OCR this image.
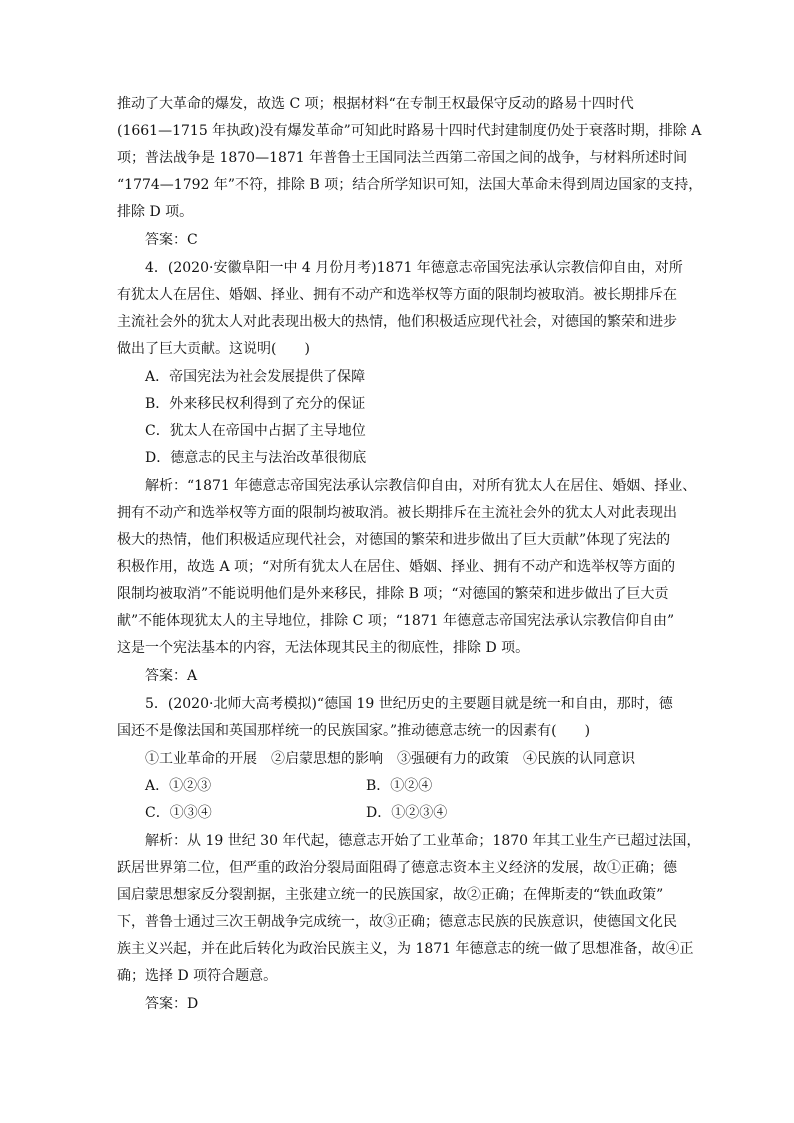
推动了大革命的爆发，故选 C 项；根据材料“在专制王权最保守反动的路易十四时代
(1661—1715 年执政)没有爆发革命”可知此时路易十四时代封建制度仍处于衰落时期，排除 A
项；普法战争是 1870—1871 年普鲁士王国同法兰西第二帝国之间的战争，与材料所述时间
“1774—1792 年”不符，排除 B 项；结合所学知识可知，法国大革命未得到周边国家的支持，
排除 D 项。
答案：C
4．(2020·安徽阜阳一中 4 月份月考)1871 年德意志帝国宪法承认宗教信仰自由，对所
有犹太人在居住、婚姻、择业、拥有不动产和选举权等方面的限制均被取消。被长期排斥在
主流社会外的犹太人对此表现出极大的热情，他们积极适应现代社会，对德国的繁荣和进步
做出了巨大贡献。这说明(　　)
A．帝国宪法为社会发展提供了保障
B．外来移民权利得到了充分的保证
C．犹太人在帝国中占据了主导地位
D．德意志的民主与法治改革很彻底
解析：“1871 年德意志帝国宪法承认宗教信仰自由，对所有犹太人在居住、婚姻、择业、
拥有不动产和选举权等方面的限制均被取消。被长期排斥在主流社会外的犹太人对此表现出
极大的热情，他们积极适应现代社会，对德国的繁荣和进步做出了巨大贡献”体现了宪法的
积极作用，故选 A 项；“对所有犹太人在居住、婚姻、择业、拥有不动产和选举权等方面的
限制均被取消”不能说明他们是外来移民，排除 B 项；“对德国的繁荣和进步做出了巨大贡
献”不能体现犹太人的主导地位，排除 C 项；“1871 年德意志帝国宪法承认宗教信仰自由”
这是一个宪法基本的内容，无法体现其民主的彻底性，排除 D 项。
答案：A
5．(2020·北师大高考模拟)“德国 19 世纪历史的主要题目就是统一和自由，那时，德
国还不是像法国和英国那样统一的民族国家。”推动德意志统一的因素有(　　)
①工业革命的开展　②启蒙思想的影响　③强硬有力的政策　④民族的认同意识
A．①②③	B．①②④
C．①③④	D．①②③④
解析：从 19 世纪 30 年代起，德意志开始了工业革命；1870 年其工业生产已超过法国，
跃居世界第二位，但严重的政治分裂局面阻碍了德意志资本主义经济的发展，故①正确；德
国启蒙思想家反分裂割据，主张建立统一的民族国家，故②正确；在俾斯麦的“铁血政策”
下，普鲁士通过三次王朝战争完成统一，故③正确；德意志民族的民族意识，使德国文化民
族主义兴起，并在此后转化为政治民族主义，为 1871 年德意志的统一做了思想准备，故④正
确；选择 D 项符合题意。
答案：D
